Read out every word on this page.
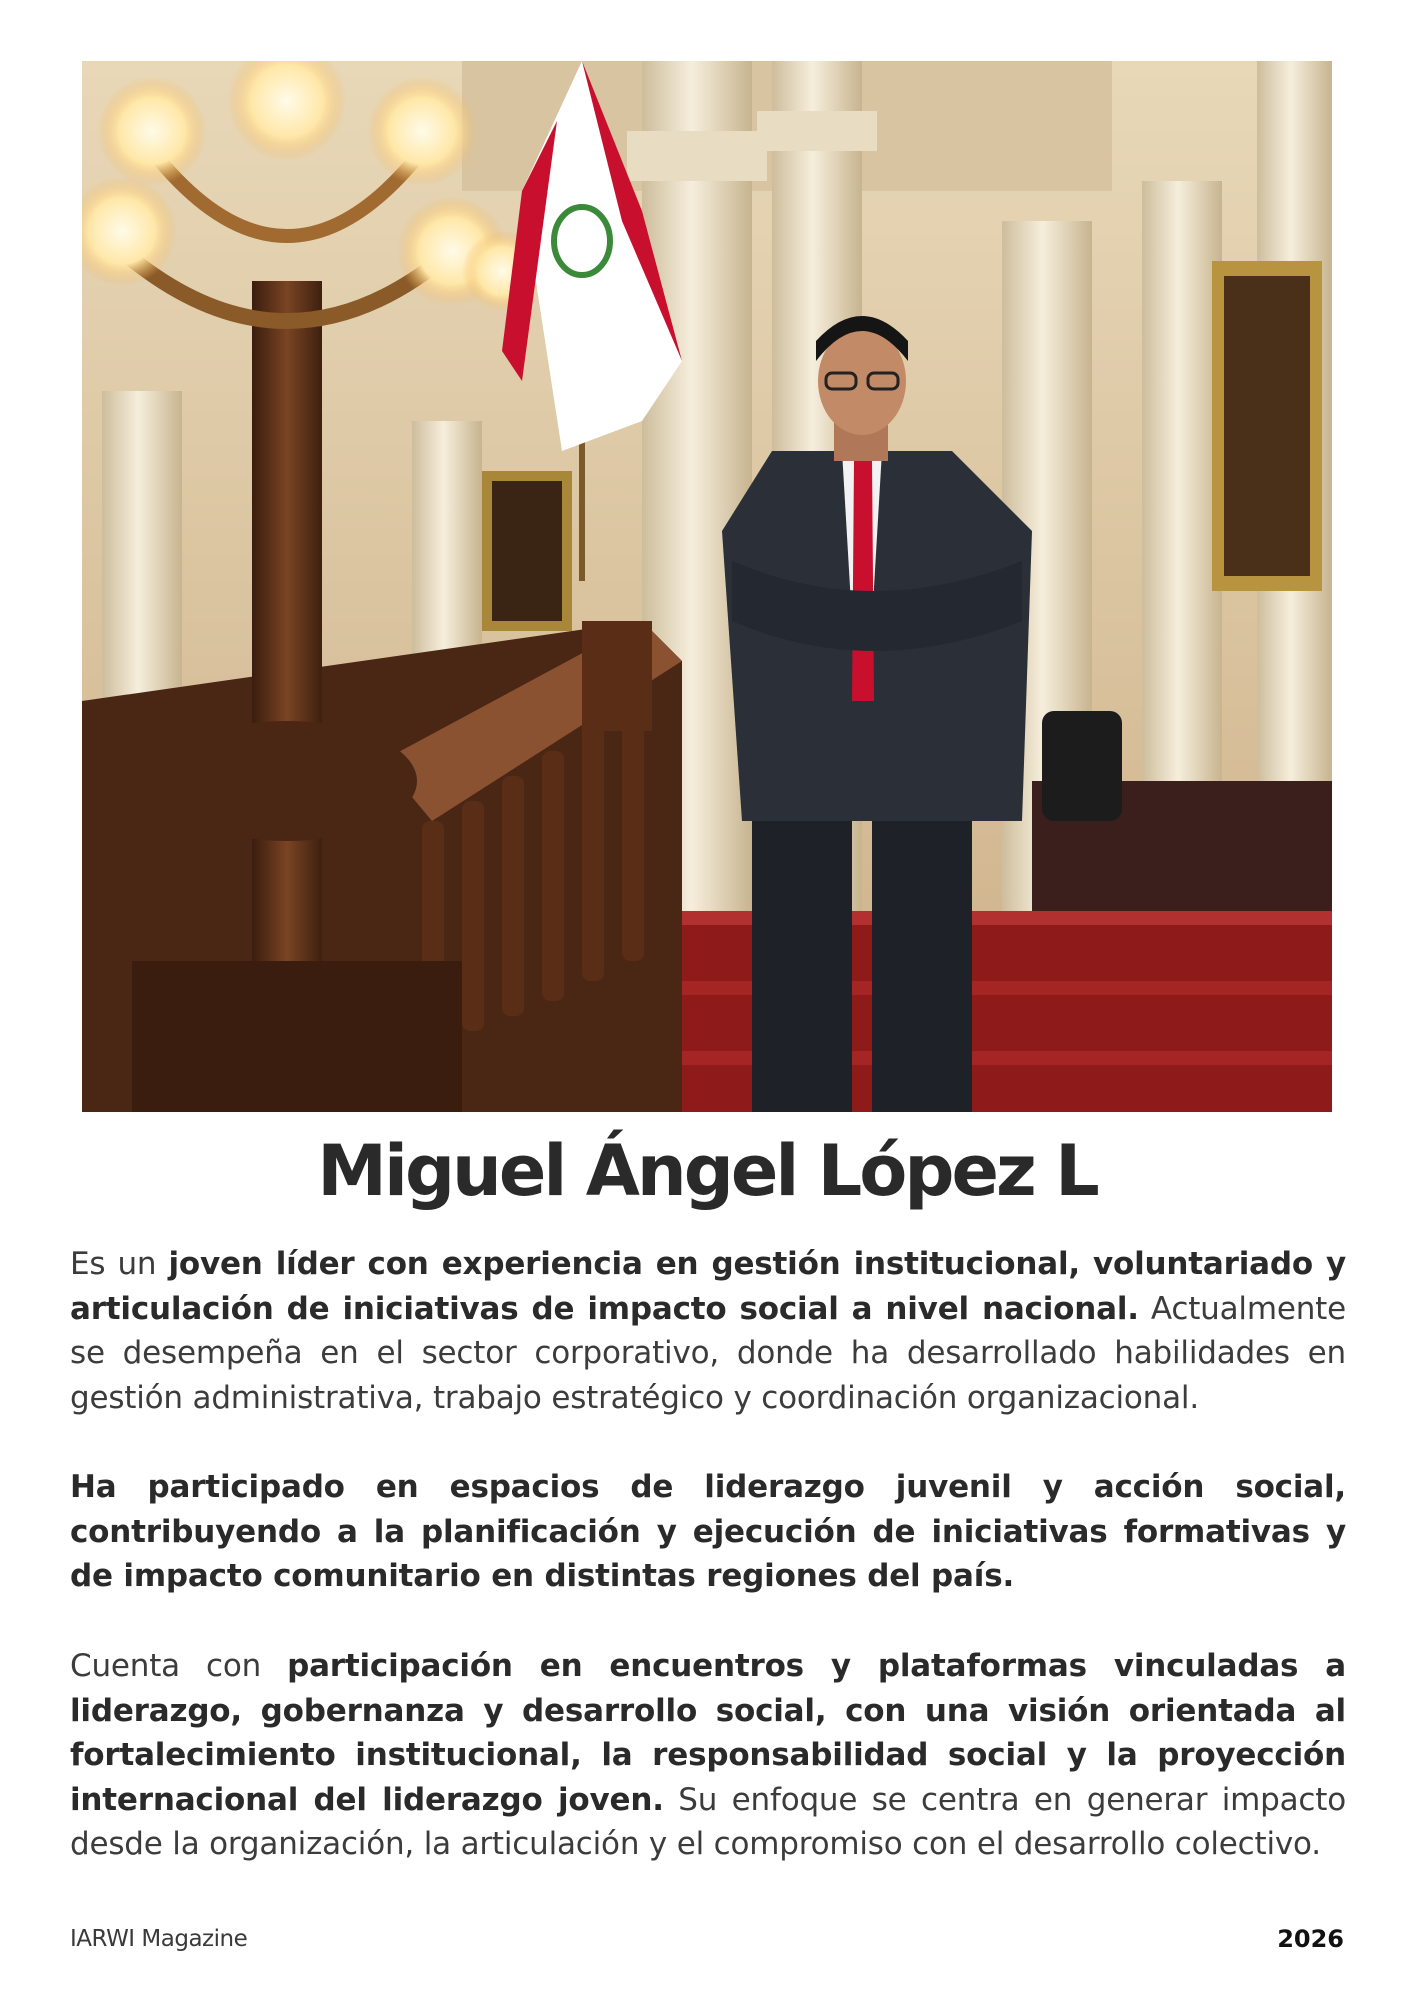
Miguel Ángel López L

Es un joven líder con experiencia en gestión institucional, voluntariado y articulación de iniciativas de impacto social a nivel nacional. Actualmente se desempeña en el sector corporativo, donde ha desarrollado habilidades en gestión administrativa, trabajo estratégico y coordinación organizacional.

Ha participado en espacios de liderazgo juvenil y acción social, contribuyendo a la planificación y ejecución de iniciativas formativas y de impacto comunitario en distintas regiones del país.

Cuenta con participación en encuentros y plataformas vinculadas a liderazgo, gobernanza y desarrollo social, con una visión orientada al fortalecimiento institucional, la responsabilidad social y la proyección internacional del liderazgo joven. Su enfoque se centra en generar impacto desde la organización, la articulación y el compromiso con el desarrollo colectivo.

IARWI Magazine	2026
